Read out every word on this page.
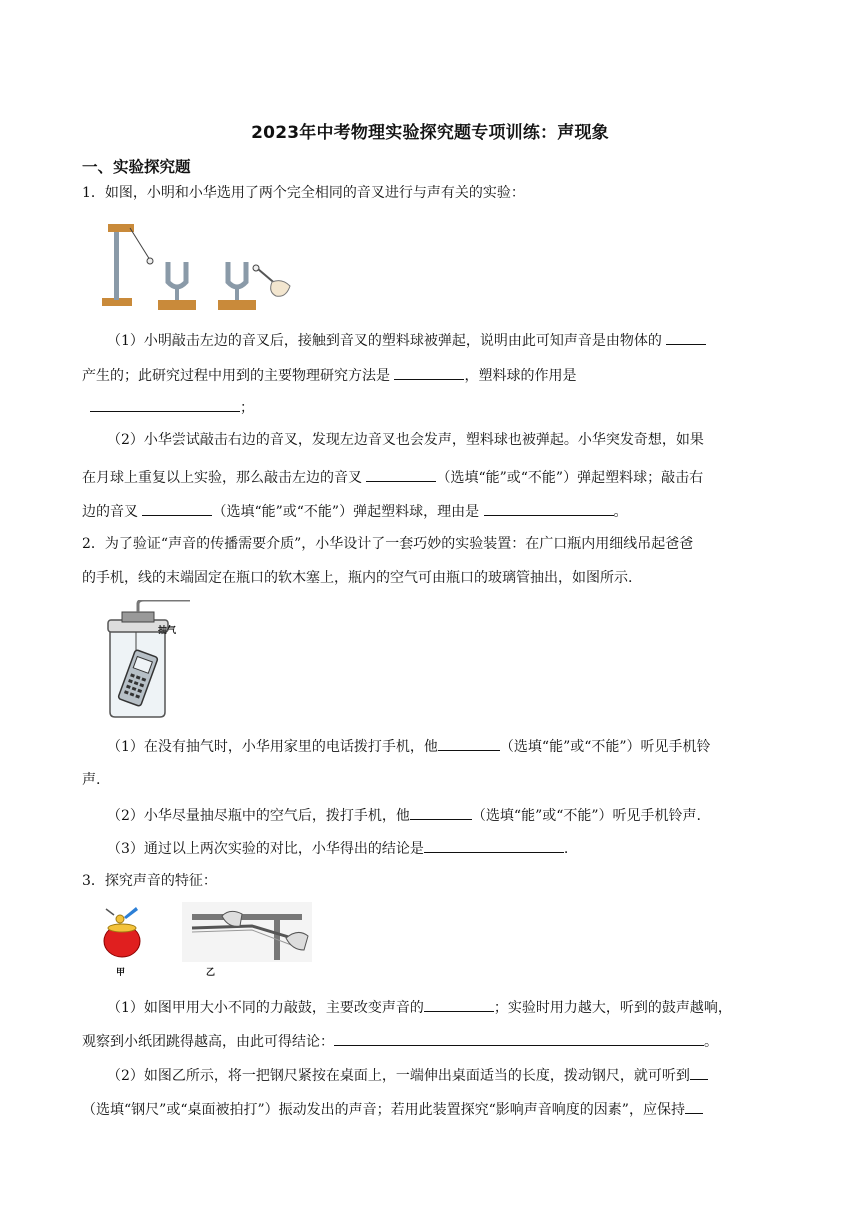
2023年中考物理实验探究题专项训练：声现象
一、实验探究题
1．如图，小明和小华选用了两个完全相同的音叉进行与声有关的实验：
（1）小明敲击左边的音叉后，接触到音叉的塑料球被弹起，说明由此可知声音是由物体的
产生的；此研究过程中用到的主要物理研究方法是	，塑料球的作用是
；
（2）小华尝试敲击右边的音叉，发现左边音叉也会发声，塑料球也被弹起。小华突发奇想，如果
在月球上重复以上实验，那么敲击左边的音叉	（选填“能”或“不能”）弹起塑料球；敲击右
边的音叉	（选填“能”或“不能”）弹起塑料球，理由是	。
2．为了验证“声音的传播需要介质”，小华设计了一套巧妙的实验装置：在广口瓶内用细线吊起爸爸
的手机，线的末端固定在瓶口的软木塞上，瓶内的空气可由瓶口的玻璃管抽出，如图所示.
抽气
（1）在没有抽气时，小华用家里的电话拨打手机，他	（选填“能”或“不能”）听见手机铃
声.
（2）小华尽量抽尽瓶中的空气后，拨打手机，他	（选填“能”或“不能”）听见手机铃声.
（3）通过以上两次实验的对比，小华得出的结论是	.
3．探究声音的特征：
甲	乙
（1）如图甲用大小不同的力敲鼓，主要改变声音的	；实验时用力越大，听到的鼓声越响，
观察到小纸团跳得越高，由此可得结论：	。
（2）如图乙所示，将一把钢尺紧按在桌面上，一端伸出桌面适当的长度，拨动钢尺，就可听到
（选填“钢尺”或“桌面被拍打”）振动发出的声音；若用此装置探究“影响声音响度的因素”，应保持
